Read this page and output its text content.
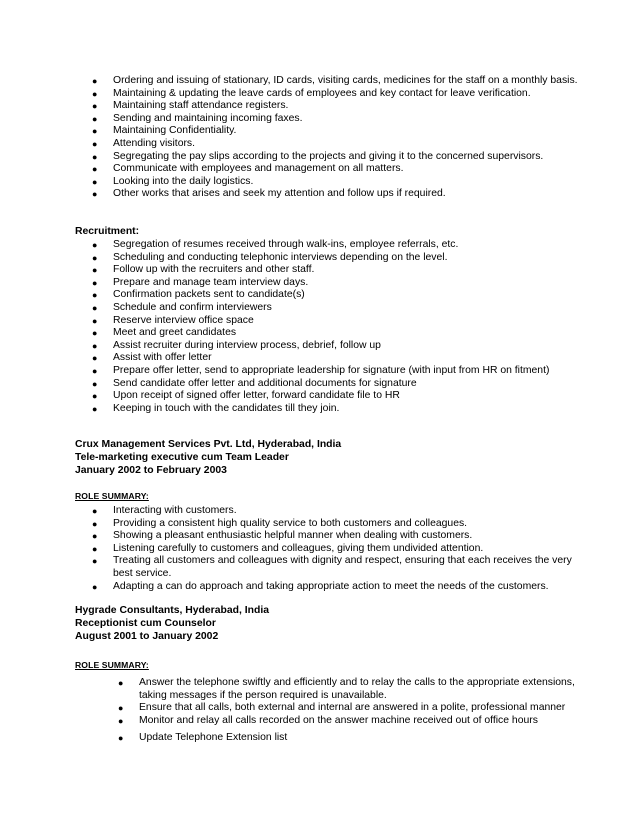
● Ordering and issuing of stationary, ID cards, visiting cards, medicines for the staff on a monthly basis.
● Maintaining & updating the leave cards of employees and key contact for leave verification.
● Maintaining staff attendance registers.
● Sending and maintaining incoming faxes.
● Maintaining Confidentiality.
● Attending visitors.
● Segregating the pay slips according to the projects and giving it to the concerned supervisors.
● Communicate with employees and management on all matters.
● Looking into the daily logistics.
● Other works that arises and seek my attention and follow ups if required.
Recruitment:
● Segregation of resumes received through walk-ins, employee referrals, etc.
● Scheduling and conducting telephonic interviews depending on the level.
● Follow up with the recruiters and other staff.
● Prepare and manage team interview days.
● Confirmation packets sent to candidate(s)
● Schedule and confirm interviewers
● Reserve interview office space
● Meet and greet candidates
● Assist recruiter during interview process, debrief, follow up
● Assist with offer letter
● Prepare offer letter, send to appropriate leadership for signature (with input from HR on fitment)
● Send candidate offer letter and additional documents for signature
● Upon receipt of signed offer letter, forward candidate file to HR
● Keeping in touch with the candidates till they join.
Crux Management Services Pvt. Ltd, Hyderabad, India
Tele-marketing executive cum Team Leader
January 2002 to February 2003
ROLE SUMMARY:
● Interacting with customers.
● Providing a consistent high quality service to both customers and colleagues.
● Showing a pleasant enthusiastic helpful manner when dealing with customers.
● Listening carefully to customers and colleagues, giving them undivided attention.
● Treating all customers and colleagues with dignity and respect, ensuring that each receives the very best service.
● Adapting a can do approach and taking appropriate action to meet the needs of the customers.
Hygrade Consultants, Hyderabad, India
Receptionist cum Counselor
August 2001 to January 2002
ROLE SUMMARY:
● Answer the telephone swiftly and efficiently and to relay the calls to the appropriate extensions, taking messages if the person required is unavailable.
● Ensure that all calls, both external and internal are answered in a polite, professional manner
● Monitor and relay all calls recorded on the answer machine received out of office hours
● Update Telephone Extension list
